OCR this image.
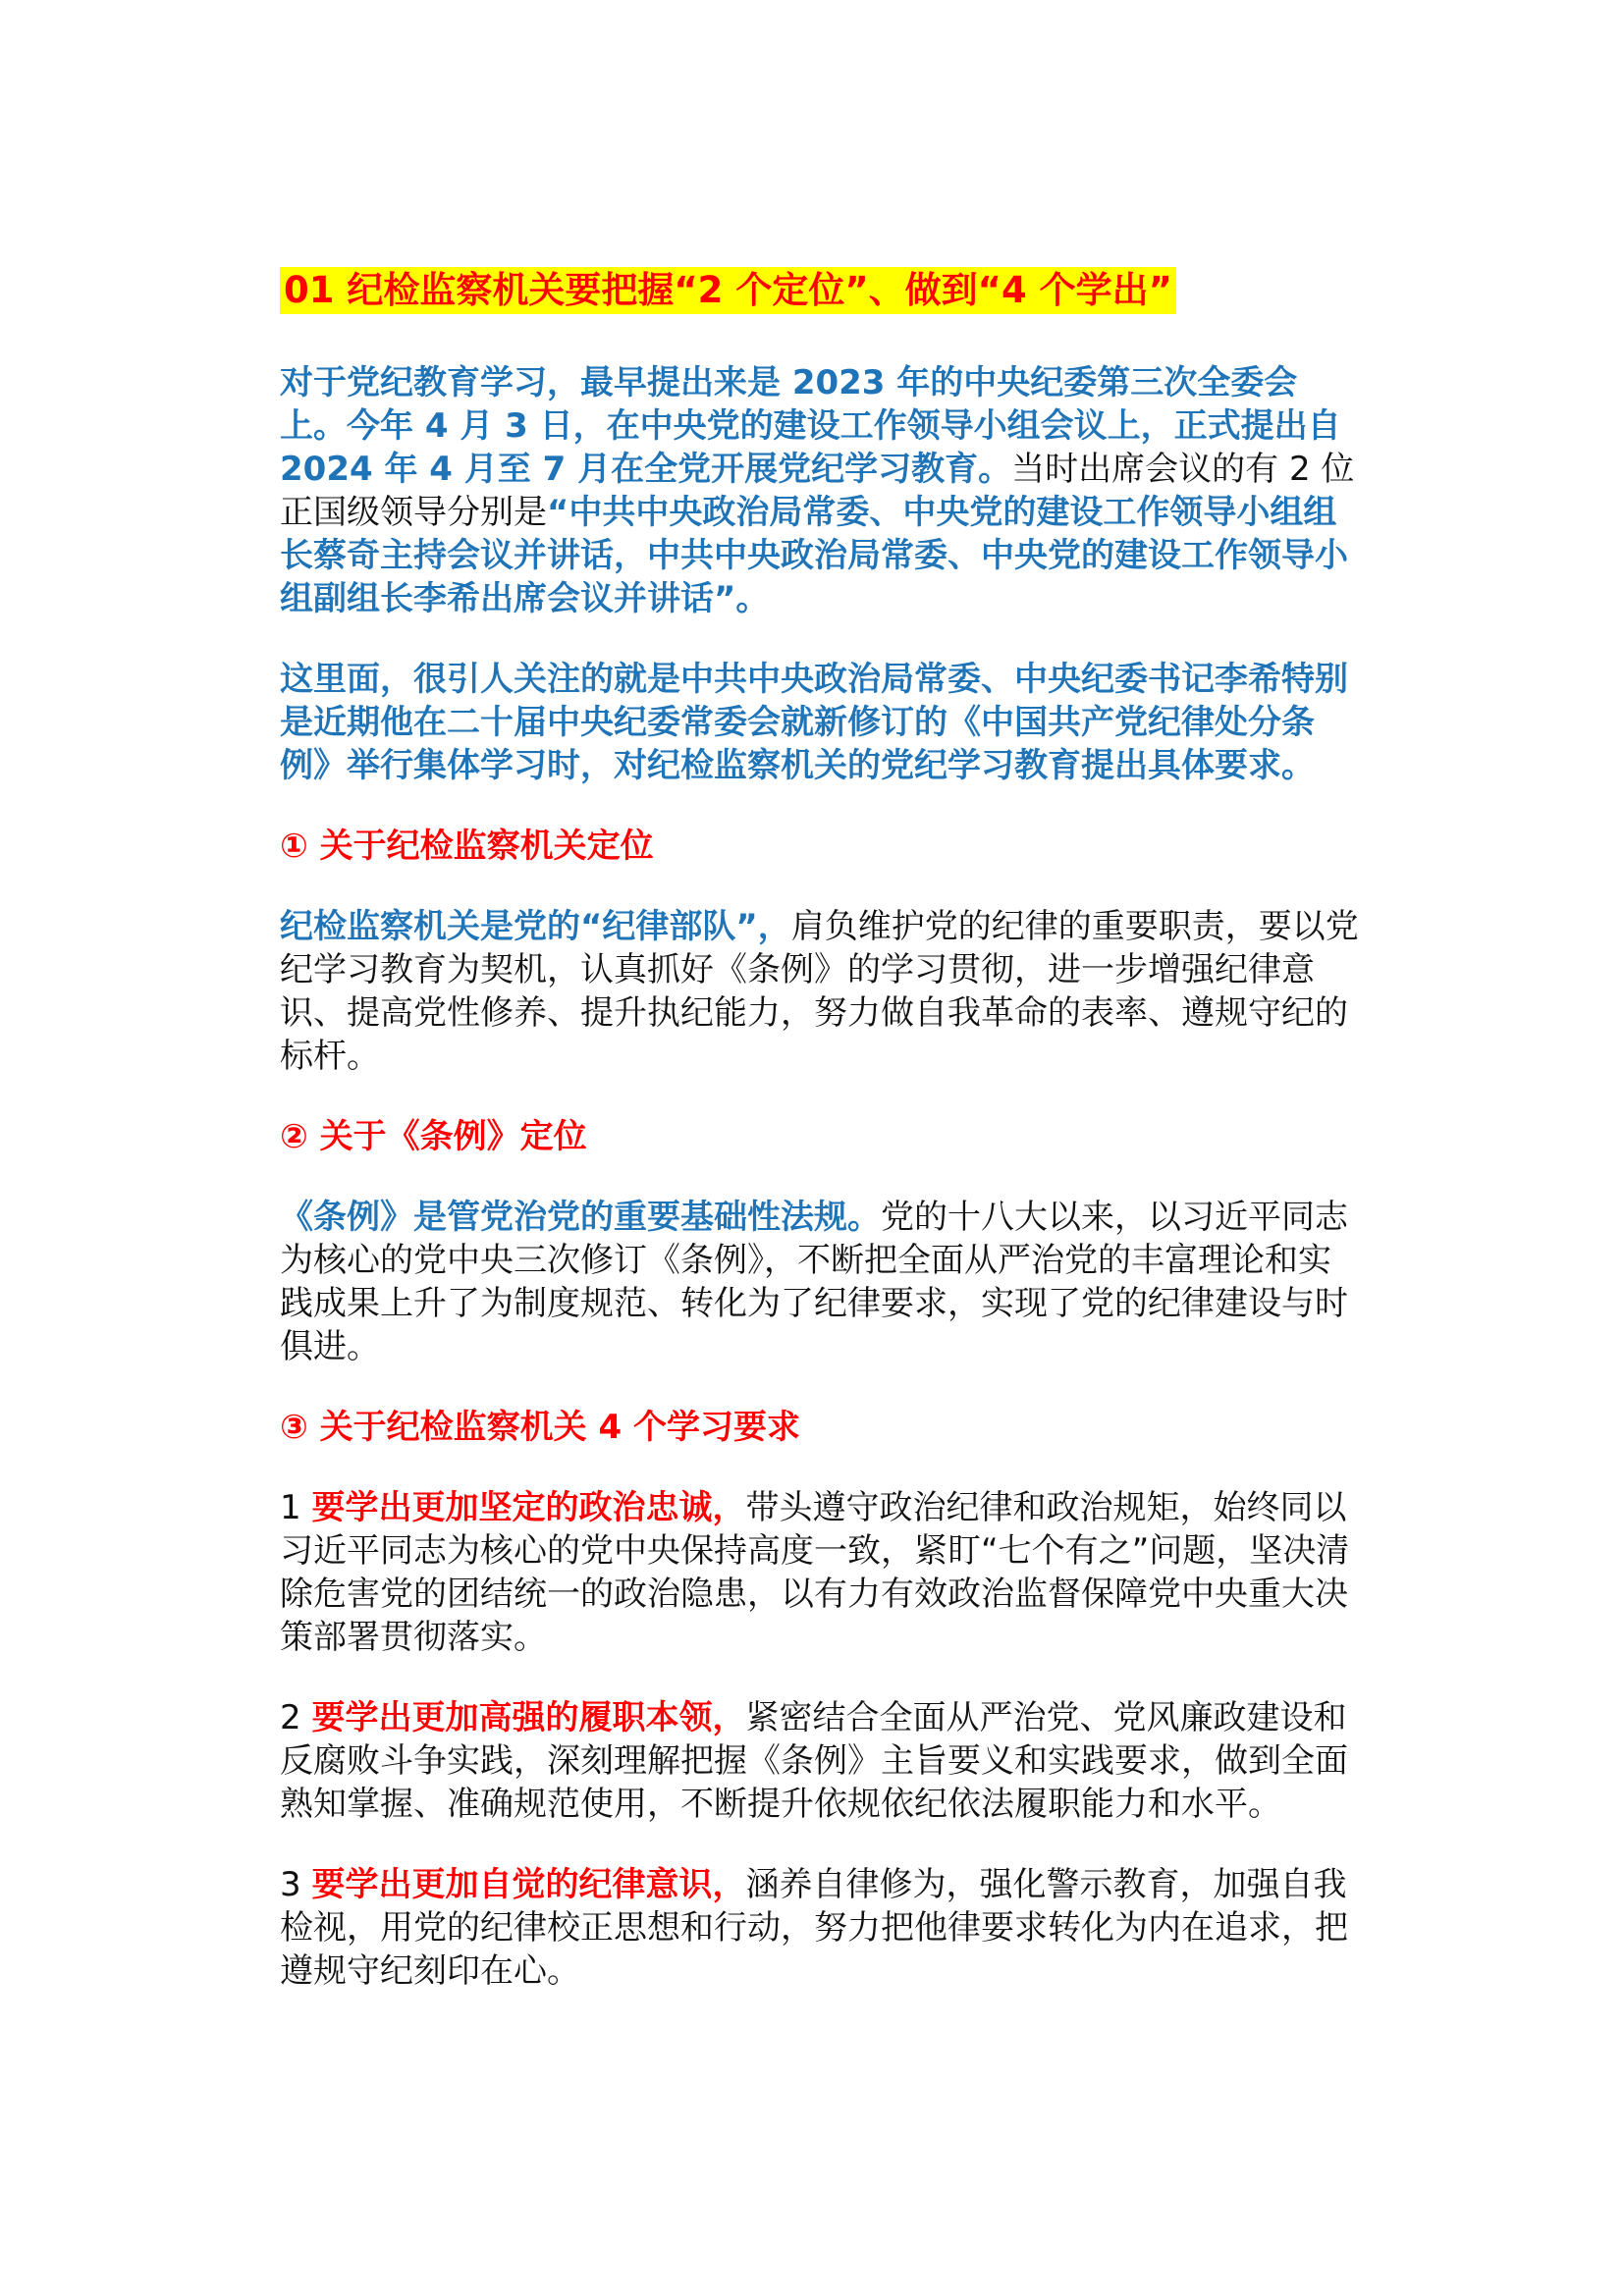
01 纪检监察机关要把握“2 个定位”、做到“4 个学出”

对于党纪教育学习，最早提出来是 2023 年的中央纪委第三次全委会上。今年 4 月 3 日，在中央党的建设工作领导小组会议上，正式提出自 2024 年 4 月至 7 月在全党开展党纪学习教育。当时出席会议的有 2 位正国级领导分别是“中共中央政治局常委、中央党的建设工作领导小组组长蔡奇主持会议并讲话，中共中央政治局常委、中央党的建设工作领导小组副组长李希出席会议并讲话”。

这里面，很引人关注的就是中共中央政治局常委、中央纪委书记李希特别是近期他在二十届中央纪委常委会就新修订的《中国共产党纪律处分条例》举行集体学习时，对纪检监察机关的党纪学习教育提出具体要求。

① 关于纪检监察机关定位

纪检监察机关是党的“纪律部队”，肩负维护党的纪律的重要职责，要以党纪学习教育为契机，认真抓好《条例》的学习贯彻，进一步增强纪律意识、提高党性修养、提升执纪能力，努力做自我革命的表率、遵规守纪的标杆。

② 关于《条例》定位

《条例》是管党治党的重要基础性法规。党的十八大以来，以习近平同志为核心的党中央三次修订《条例》，不断把全面从严治党的丰富理论和实践成果上升了为制度规范、转化为了纪律要求，实现了党的纪律建设与时俱进。

③ 关于纪检监察机关 4 个学习要求

1 要学出更加坚定的政治忠诚，带头遵守政治纪律和政治规矩，始终同以习近平同志为核心的党中央保持高度一致，紧盯“七个有之”问题，坚决清除危害党的团结统一的政治隐患，以有力有效政治监督保障党中央重大决策部署贯彻落实。

2 要学出更加高强的履职本领，紧密结合全面从严治党、党风廉政建设和反腐败斗争实践，深刻理解把握《条例》主旨要义和实践要求，做到全面熟知掌握、准确规范使用，不断提升依规依纪依法履职能力和水平。

3 要学出更加自觉的纪律意识，涵养自律修为，强化警示教育，加强自我检视，用党的纪律校正思想和行动，努力把他律要求转化为内在追求，把遵规守纪刻印在心。
